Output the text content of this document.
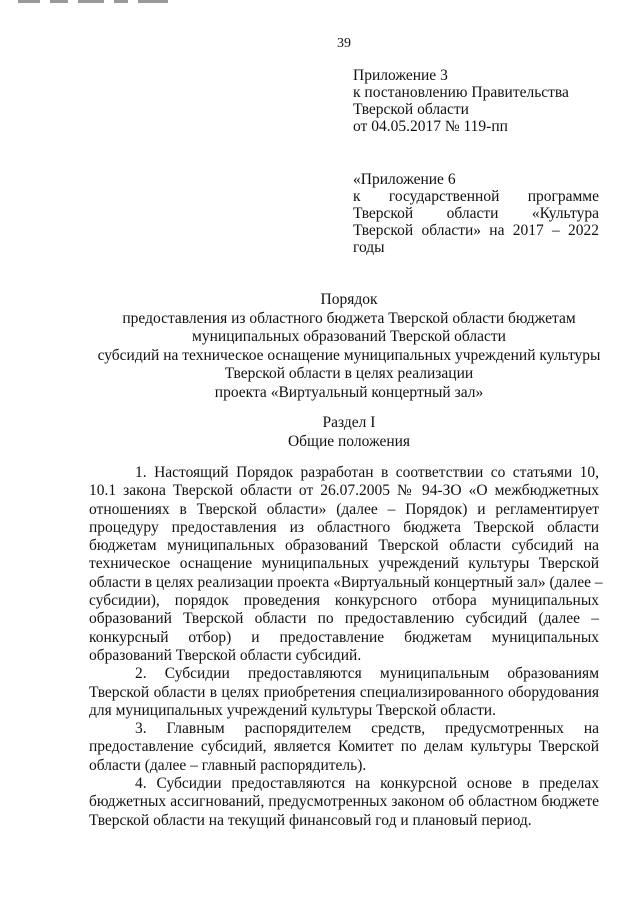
39
Приложение 3
к постановлению Правительства
Тверской области
от 04.05.2017 № 119-пп
«Приложение 6
к государственной программе
Тверской области «Культура
Тверской области» на 2017 – 2022
годы
Порядок
предоставления из областного бюджета Тверской области бюджетам
муниципальных образований Тверской области
субсидий на техническое оснащение муниципальных учреждений культуры
Тверской области в целях реализации
проекта «Виртуальный концертный зал»
Раздел I
Общие положения

1. Настоящий Порядок разработан в соответствии со статьями 10,
10.1 закона Тверской области от 26.07.2005 № 94-ЗО «О межбюджетных
отношениях в Тверской области» (далее – Порядок) и регламентирует
процедуру предоставления из областного бюджета Тверской области
бюджетам муниципальных образований Тверской области субсидий на
техническое оснащение муниципальных учреждений культуры Тверской
области в целях реализации проекта «Виртуальный концертный зал» (далее –
субсидии), порядок проведения конкурсного отбора муниципальных
образований Тверской области по предоставлению субсидий (далее –
конкурсный отбор) и предоставление бюджетам муниципальных
образований Тверской области субсидий.

2. Субсидии предоставляются муниципальным образованиям
Тверской области в целях приобретения специализированного оборудования
для муниципальных учреждений культуры Тверской области.

3. Главным распорядителем средств, предусмотренных на
предоставление субсидий, является Комитет по делам культуры Тверской
области (далее – главный распорядитель).

4. Субсидии предоставляются на конкурсной основе в пределах
бюджетных ассигнований, предусмотренных законом об областном бюджете
Тверской области на текущий финансовый год и плановый период.
